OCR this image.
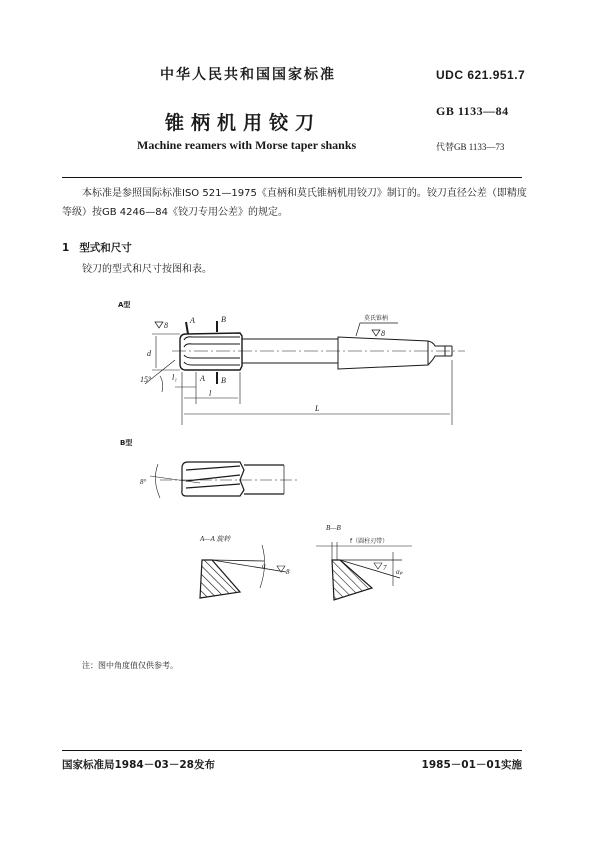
中华人民共和国国家标准	UDC 621.951.7
锥柄机用铰刀
GB 1133—84
Machine reamers with Morse taper shanks	代替GB 1133—73
本标准是参照国际标准ISO 521—1975《直柄和莫氏锥柄机用铰刀》制订的。铰刀直径公差（即精度等级）按GB 4246—84《铰刀专用公差》的规定。
1 型式和尺寸
铰刀的型式和尺寸按图和表。
A型
B型
8
8
A	B
A B
d
l₁
l
L
15°
莫氏锥柄
8°
A—A 旋转
α
8
B—B
f（圆柱刃带）
7 αₚ
注：图中角度值仅供参考。
国家标准局1984－03－28发布	1985－01－01实施
